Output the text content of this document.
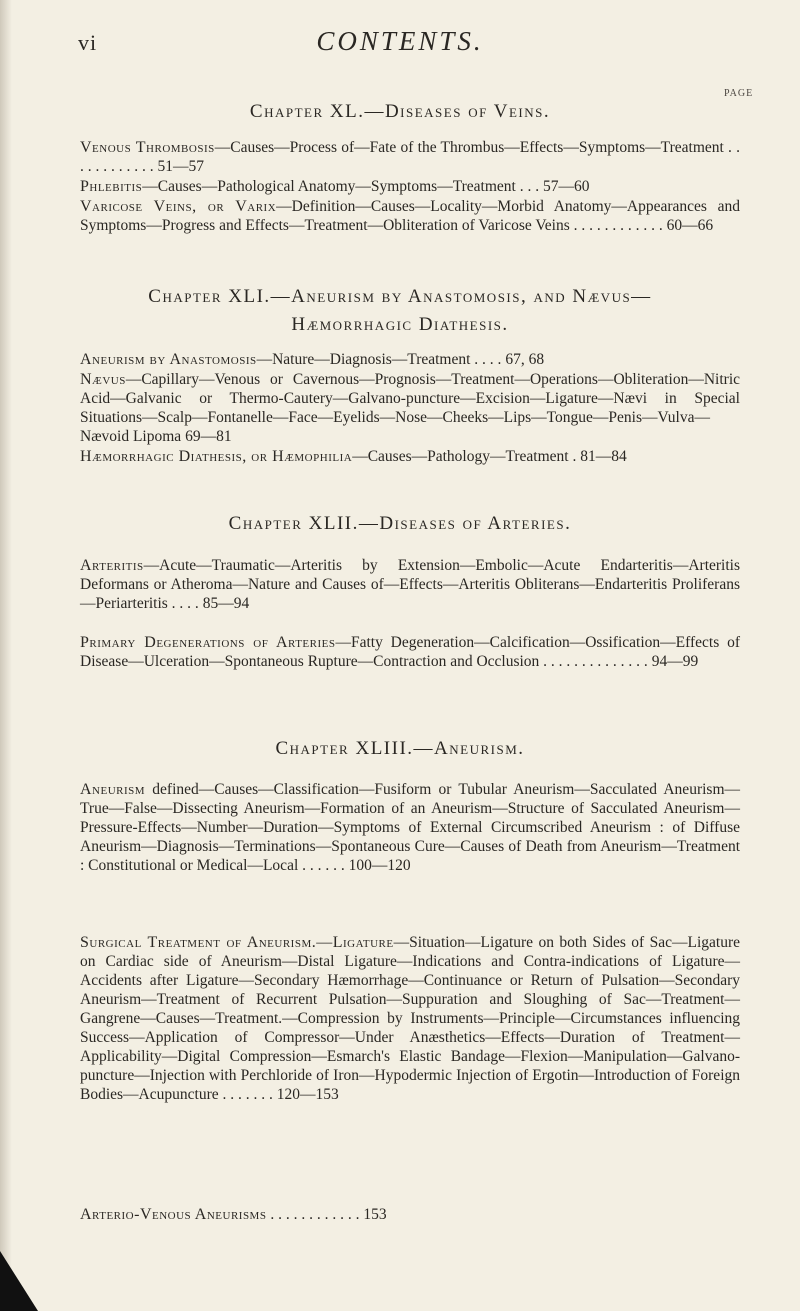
vi	CONTENTS.
PAGE
Chapter XL.—Diseases of Veins.
Venous Thrombosis—Causes—Process of—Fate of the Thrombus—Effects—Symptoms—Treatment . . . . . . . . . . . . 51—57
Phlebitis—Causes—Pathological Anatomy—Symptoms—Treatment . . . 57—60
Varicose Veins, or Varix—Definition—Causes—Locality—Morbid Anatomy—Appearances and Symptoms—Progress and Effects—Treatment—Obliteration of Varicose Veins . . . . . . . . . . . . 60—66
Chapter XLI.—Aneurism by Anastomosis, and Nævus—Hæmorrhagic Diathesis.
Aneurism by Anastomosis—Nature—Diagnosis—Treatment . . . . 67, 68
Nævus—Capillary—Venous or Cavernous—Prognosis—Treatment—Operations—Obliteration—Nitric Acid—Galvanic or Thermo-Cautery—Galvano-puncture—Excision—Ligature—Nævi in Special Situations—Scalp—Fontanelle—Face—Eyelids—Nose—Cheeks—Lips—Tongue—Penis—Vulva—Nævoid Lipoma 69—81
Hæmorrhagic Diathesis, or Hæmophilia—Causes—Pathology—Treatment . 81—84
Chapter XLII.—Diseases of Arteries.
Arteritis—Acute—Traumatic—Arteritis by Extension—Embolic—Acute Endarteritis—Arteritis Deformans or Atheroma—Nature and Causes of—Effects—Arteritis Obliterans—Endarteritis Proliferans—Periarteritis . . . . 85—94
Primary Degenerations of Arteries—Fatty Degeneration—Calcification—Ossification—Effects of Disease—Ulceration—Spontaneous Rupture—Contraction and Occlusion . . . . . . . . . . . . . . 94—99
Chapter XLIII.—Aneurism.
Aneurism defined—Causes—Classification—Fusiform or Tubular Aneurism—Sacculated Aneurism—True—False—Dissecting Aneurism—Formation of an Aneurism—Structure of Sacculated Aneurism—Pressure-Effects—Number—Duration—Symptoms of External Circumscribed Aneurism : of Diffuse Aneurism—Diagnosis—Terminations—Spontaneous Cure—Causes of Death from Aneurism—Treatment : Constitutional or Medical—Local . . . . . . 100—120
Surgical Treatment of Aneurism.—Ligature—Situation—Ligature on both Sides of Sac—Ligature on Cardiac side of Aneurism—Distal Ligature—Indications and Contra-indications of Ligature—Accidents after Ligature—Secondary Hæmorrhage—Continuance or Return of Pulsation—Secondary Aneurism—Treatment of Recurrent Pulsation—Suppuration and Sloughing of Sac—Treatment—Gangrene—Causes—Treatment.—Compression by Instruments—Principle—Circumstances influencing Success—Application of Compressor—Under Anæsthetics—Effects—Duration of Treatment—Applicability—Digital Compression—Esmarch's Elastic Bandage—Flexion—Manipulation—Galvano-puncture—Injection with Perchloride of Iron—Hypodermic Injection of Ergotin—Introduction of Foreign Bodies—Acupuncture . . . . . . . 120—153
Arterio-Venous Aneurisms . . . . . . . . . . . . 153
